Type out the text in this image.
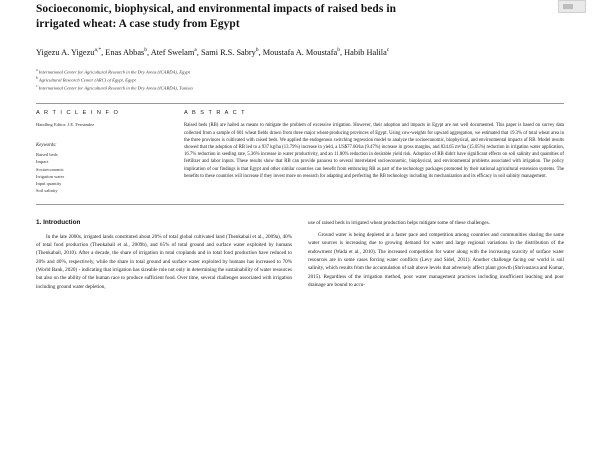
Socioeconomic, biophysical, and environmental impacts of raised beds in
irrigated wheat: A case study from Egypt
Yigezu A. Yigezu$^{a,*}$, Enas Abbas$^b$, Atef Swelam$^a$, Sami R.S. Sabry$^b$, Moustafa A. Moustafa$^b$, Habib Halila$^c$
$^a$ International Center for Agricultural Research in the Dry Areas (ICARDA), Egypt
$^b$ Agricultural Research Center (ARC) of Egypt, Egypt
$^c$ International Center for Agricultural Research in the Dry Areas (ICARDA), Tunisia
A R T I C L E I N F O
Handling Editor: J.E. Fernández
Keywords:
Raised beds
Impact
Socioeconomic
Irrigation water
Input quantity
Soil salinity
A B S T R A C T
Raised beds (RB) are hailed as means to mitigate the problem of excessive irrigation. However, their adoption and impacts in Egypt are not well documented. This paper is based on survey data collected from a sample of 601 wheat fields drawn from three major wheat-producing provinces of Egypt. Using cow-weights for upward aggregation, we estimated that 19.3% of total wheat area in the three provinces is cultivated with raised beds. We applied the endogenous switching regression model to analyze the socioeconomic, biophysical, and environmental impacts of RB. Model results showed that the adoption of RB led to a 937 kg/ha (13.79%) increase in yield, a US$77.60/ha (9.47%) increase in gross margins, and 824.65 m³/ha (15.05%) reduction in irrigation water application, 16.7% reduction in seeding rate, 5.36% increase in water productivity, and an 11.80% reduction in desirable yield risk. Adoption of RB didn't have significant effects on soil salinity and quantities of fertilizer and labor inputs. These results show that RB can provide panacea to several interrelated socioeconomic, biophysical, and environmental problems associated with irrigation. The policy implication of our findings is that Egypt and other similar countries can benefit from embracing RB as part of the technology packages promoted by their national agricultural extension systems. The benefits to these countries will increase if they invest more on research for adapting and perfecting the RB technology including its mechanization and its efficacy in soil salinity management.
1. Introduction

In the late 2000s, irrigated lands constituted about 20% of total global cultivated land (Thenkabail et al., 2009a), 40% of total food production (Thenkabail et al., 2009b), and 65% of total ground and surface water exploited by humans (Thenkabail, 2010). After a decade, the share of irrigation in total croplands and in total food production have reduced to 20% and 40%, respectively, while the share in total ground and surface water exploited by humans has increased to 70% (World Bank, 2020) - indicating that irrigation has sizeable role not only in determining the sustainability of water resources but also on the ability of the human race to produce sufficient food. Over time, several challenges associated with irrigation including ground water depletion,

use of raised beds in irrigated wheat production helps mitigate some of these challenges.

Ground water is being depleted at a faster pace and competition among countries and communities sharing the same water sources is increasing due to growing demand for water and large regional variations in the distribution of the endowment (Wada et al., 2010). The increased competition for water along with the increasing scarcity of surface water resources are in some cases forcing water conflicts (Levy and Sidel, 2011). Another challenge facing our world is soil salinity, which results from the accumulation of salt above levels that adversely affect plant growth (Shrivastava and Kumar, 2015). Regardless of the irrigation method, poor water management practices including insufficient leaching and poor drainage are bound to accu-
